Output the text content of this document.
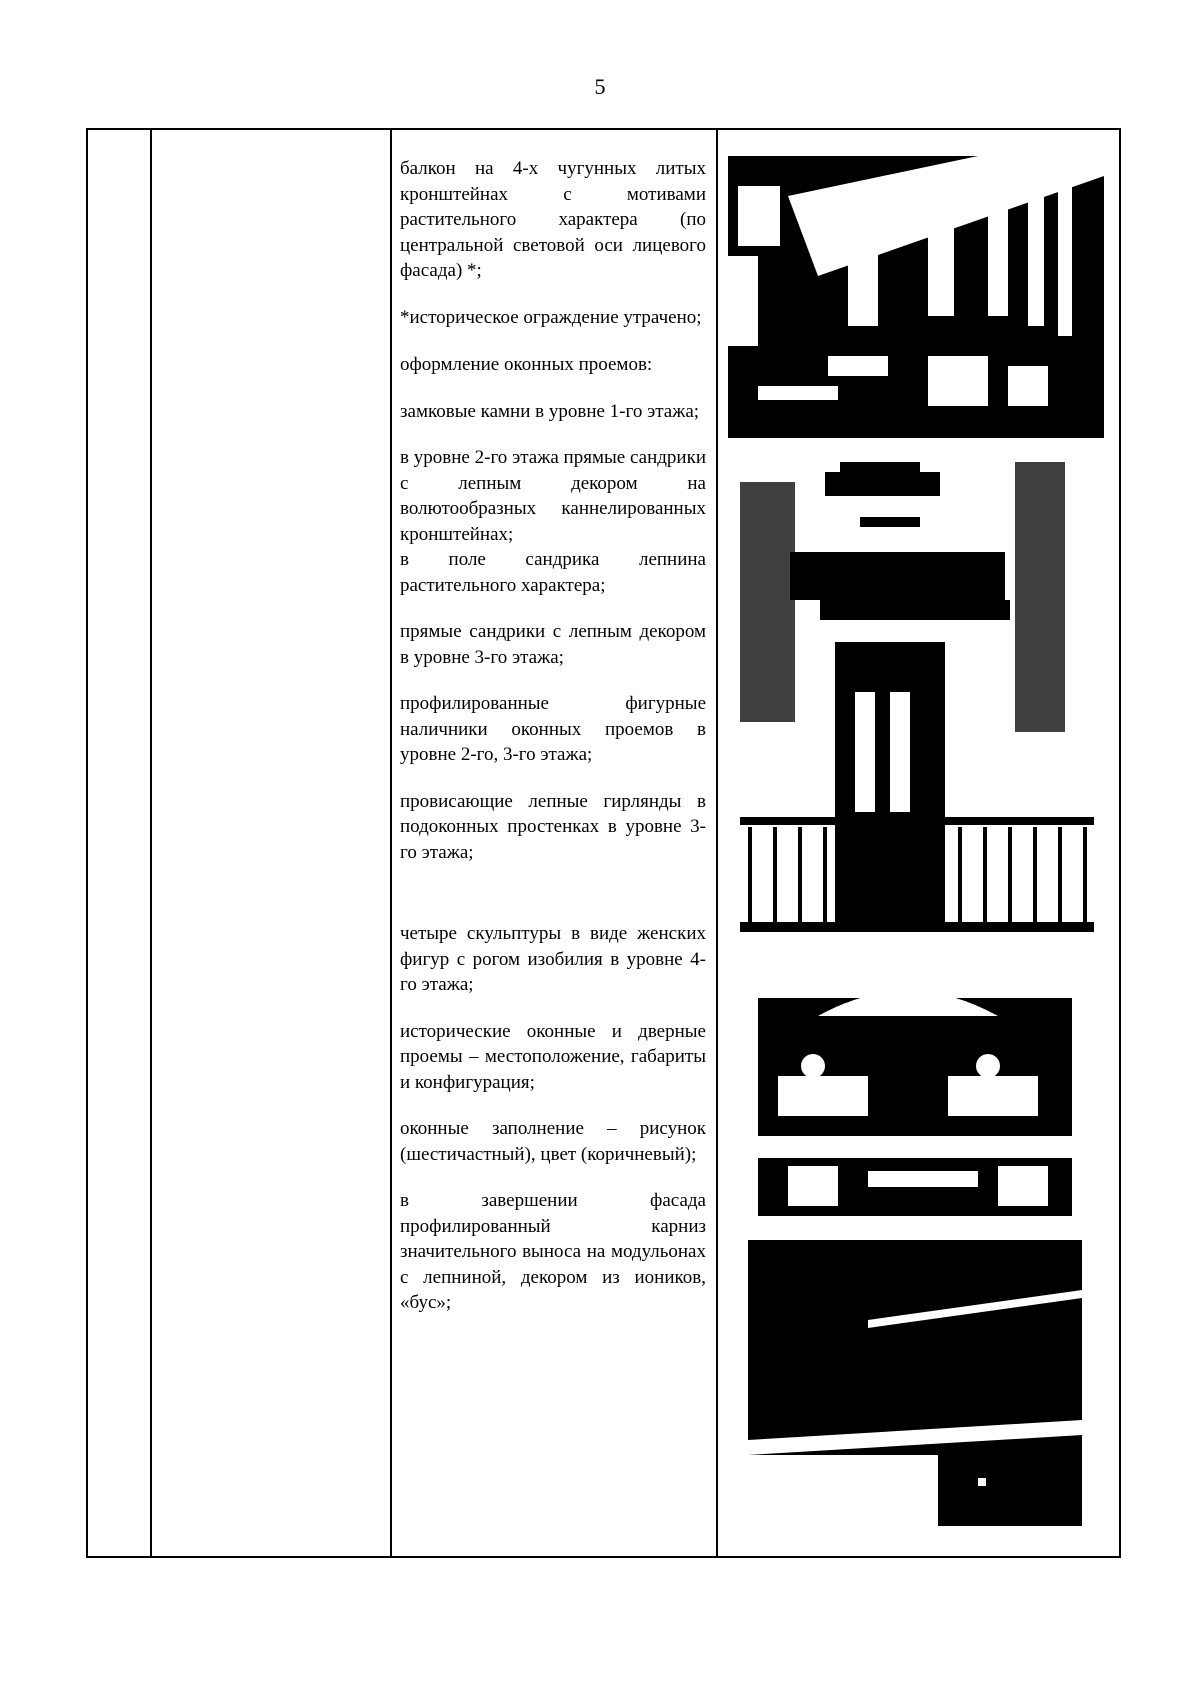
5

балкон на 4-х чугунных литых кронштейнах с мотивами растительного характера (по центральной световой оси лицевого фасада) *;

*историческое ограждение утрачено;

оформление оконных проемов:

замковые камни в уровне 1-го этажа;

в уровне 2-го этажа прямые сандрики с лепным декором на волютообразных каннелированных кронштейнах;
в поле сандрика лепнина растительного характера;

прямые сандрики с лепным декором в уровне 3-го этажа;

профилированные фигурные наличники оконных проемов в уровне 2-го, 3-го этажа;

провисающие лепные гирлянды в подоконных простенках в уровне 3-го этажа;

четыре скульптуры в виде женских фигур с рогом изобилия в уровне 4-го этажа;

исторические оконные и дверные проемы – местоположение, габариты и конфигурация;

оконные заполнение – рисунок (шестичастный), цвет (коричневый);

в завершении фасада профилированный карниз значительного выноса на модульонах с лепниной, декором из иоников, «бус»;
